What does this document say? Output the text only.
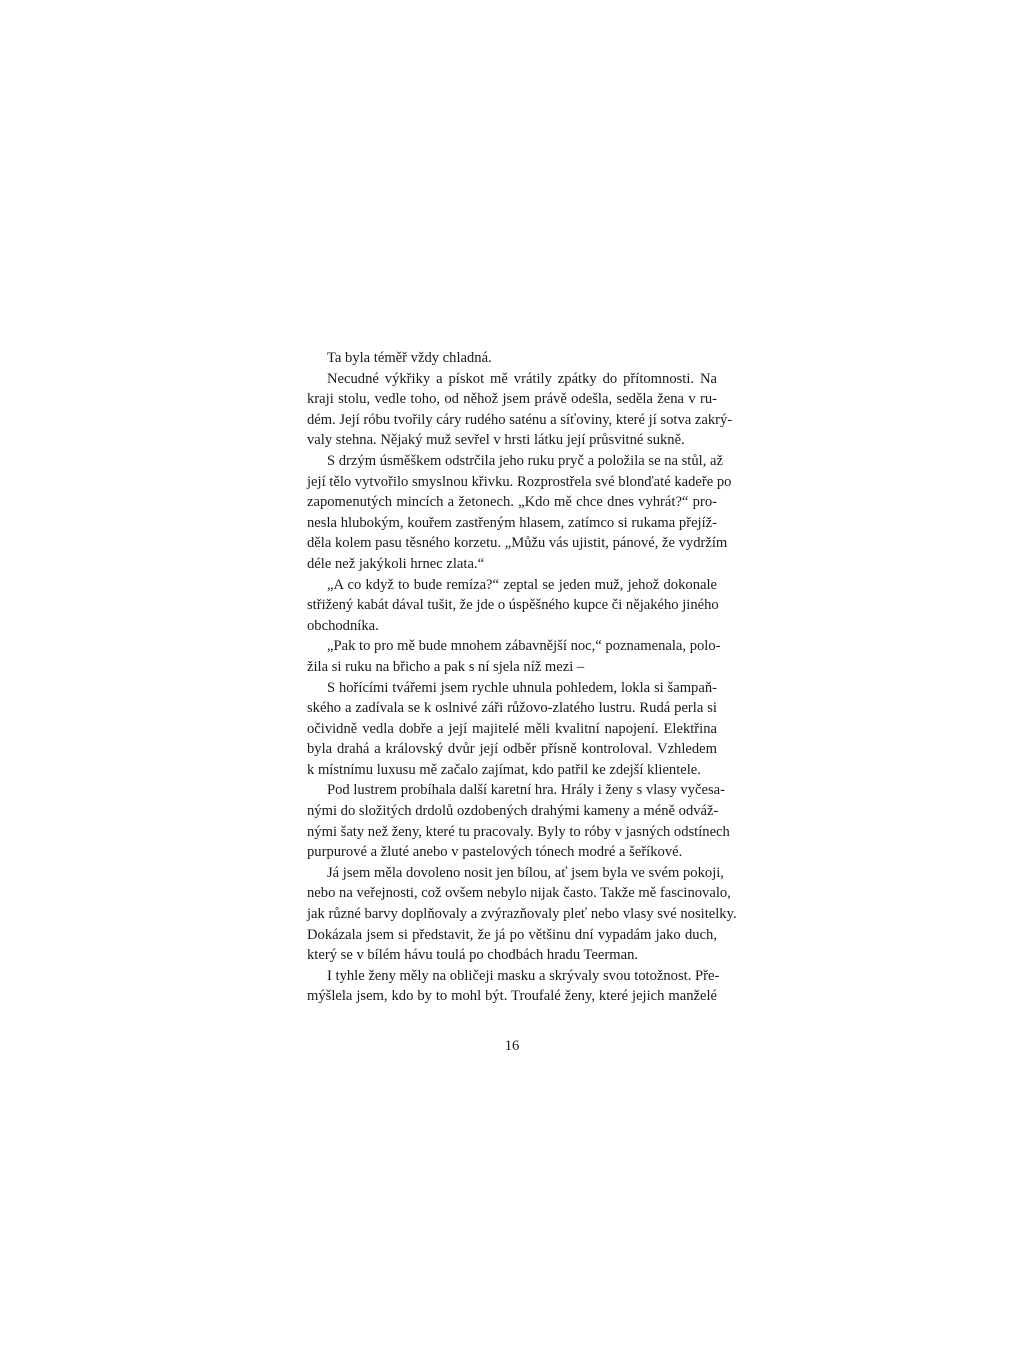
Ta byla téměř vždy chladná.
Necudné výkřiky a pískot mě vrátily zpátky do přítomnosti. Na
kraji stolu, vedle toho, od něhož jsem právě odešla, seděla žena v ru-
dém. Její róbu tvořily cáry rudého saténu a síťoviny, které jí sotva zakrý-
valy stehna. Nějaký muž sevřel v hrsti látku její průsvitné sukně.
S drzým úsměškem odstrčila jeho ruku pryč a položila se na stůl, až
její tělo vytvořilo smyslnou křivku. Rozprostřela své blonďaté kadeře po
zapomenutých mincích a žetonech. „Kdo mě chce dnes vyhrát?“ pro-
nesla hlubokým, kouřem zastřeným hlasem, zatímco si rukama přejíž-
děla kolem pasu těsného korzetu. „Můžu vás ujistit, pánové, že vydržím
déle než jakýkoli hrnec zlata.“
„A co když to bude remíza?“ zeptal se jeden muž, jehož dokonale
střižený kabát dával tušit, že jde o úspěšného kupce či nějakého jiného
obchodníka.
„Pak to pro mě bude mnohem zábavnější noc,“ poznamenala, polo-
žila si ruku na břicho a pak s ní sjela níž mezi –
S hořícími tvářemi jsem rychle uhnula pohledem, lokla si šampaň-
ského a zadívala se k oslnivé záři růžovo-zlatého lustru. Rudá perla si
očividně vedla dobře a její majitelé měli kvalitní napojení. Elektřina
byla drahá a královský dvůr její odběr přísně kontroloval. Vzhledem
k místnímu luxusu mě začalo zajímat, kdo patřil ke zdejší klientele.
Pod lustrem probíhala další karetní hra. Hrály i ženy s vlasy vyčesa-
nými do složitých drdolů ozdobených drahými kameny a méně odváž-
nými šaty než ženy, které tu pracovaly. Byly to róby v jasných odstínech
purpurové a žluté anebo v pastelových tónech modré a šeříkové.
Já jsem měla dovoleno nosit jen bílou, ať jsem byla ve svém pokoji,
nebo na veřejnosti, což ovšem nebylo nijak často. Takže mě fascinovalo,
jak různé barvy doplňovaly a zvýrazňovaly pleť nebo vlasy své nositelky.
Dokázala jsem si představit, že já po většinu dní vypadám jako duch,
který se v bílém hávu toulá po chodbách hradu Teerman.
I tyhle ženy měly na obličeji masku a skrývaly svou totožnost. Pře-
mýšlela jsem, kdo by to mohl být. Troufalé ženy, které jejich manželé
16
